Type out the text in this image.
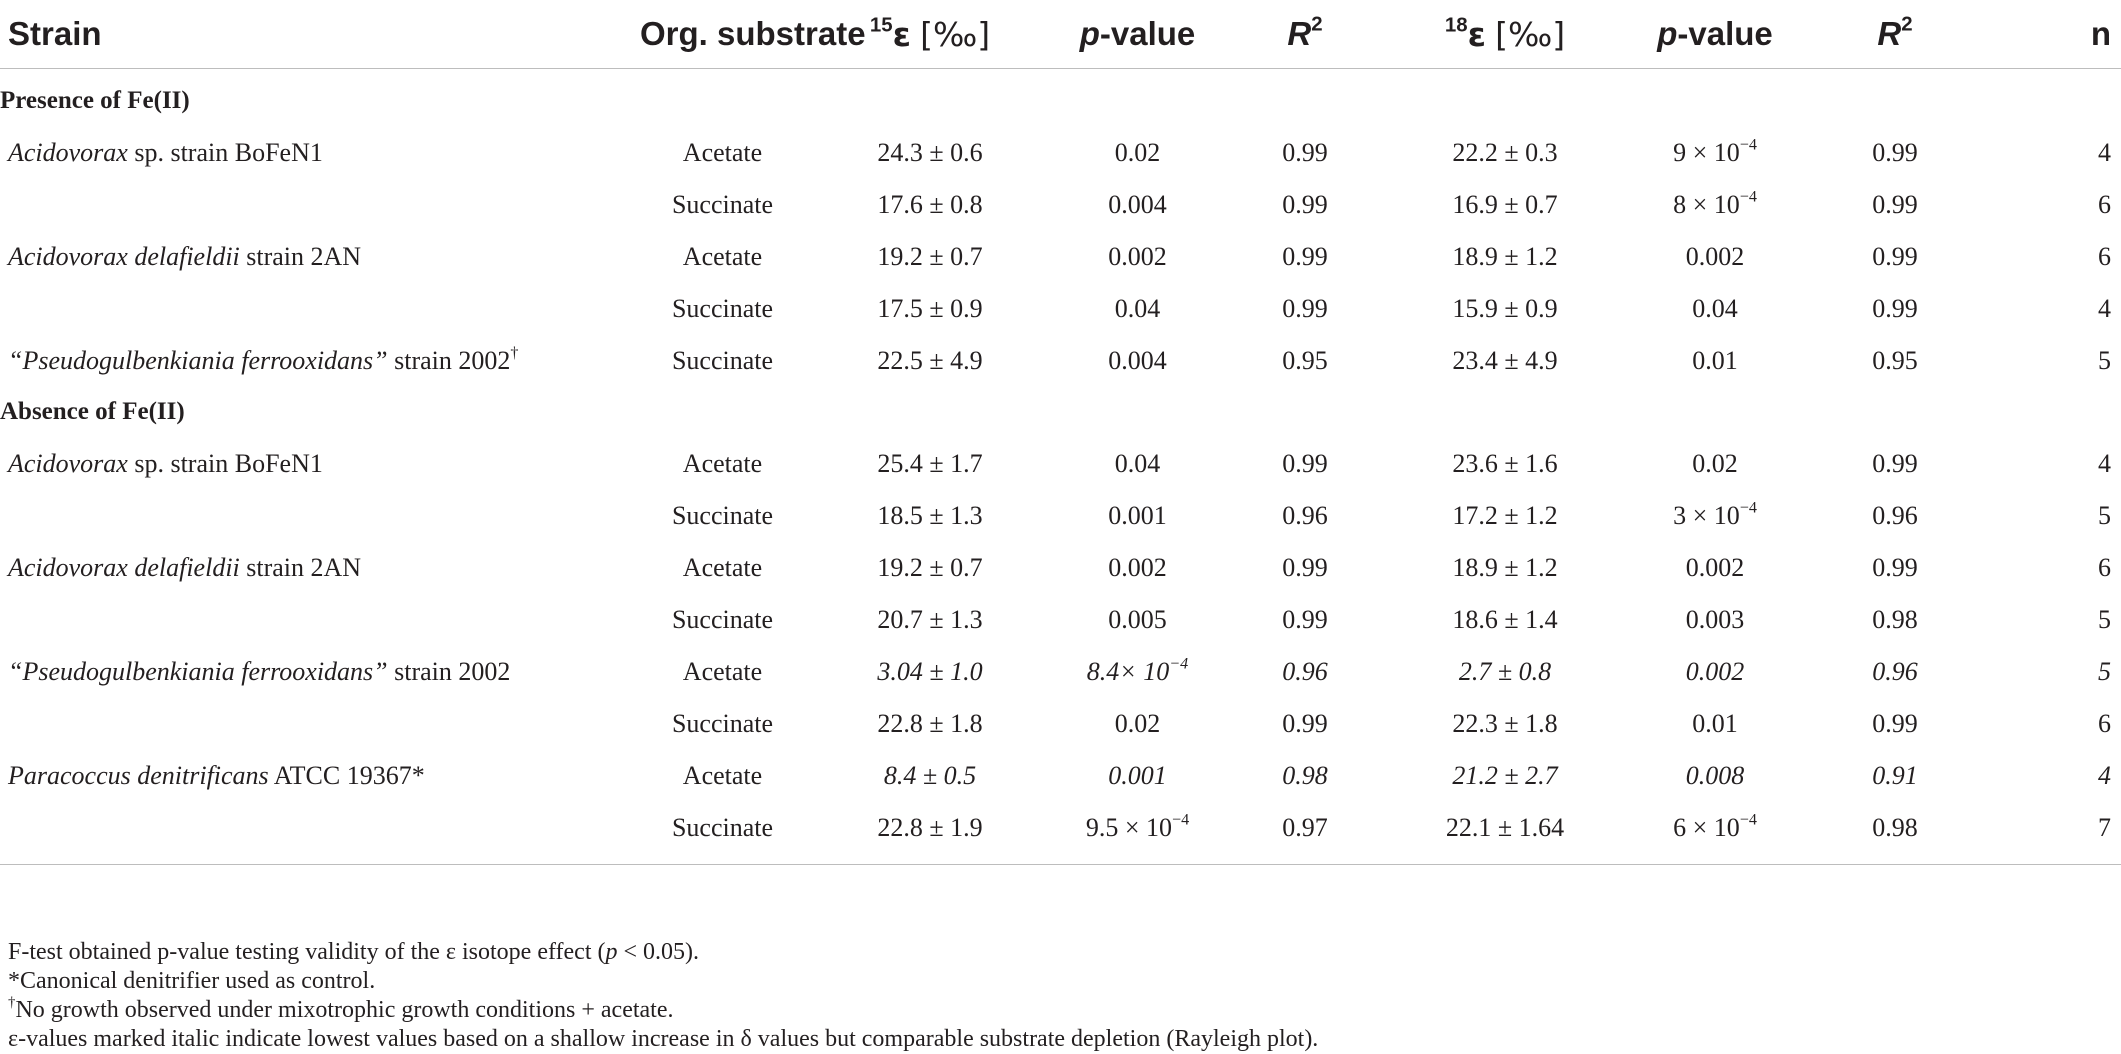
Strain	Org. substrate	$^{15}$ε [‰]	p-value	$R^2$	$^{18}$ε [‰]	p-value	$R^2$	n
Presence of Fe(II)								
Acidovorax sp. strain BoFeN1	Acetate	24.3 ± 0.6	0.02	0.99	22.2 ± 0.3	$9 \times 10^{-4}$	0.99	4
	Succinate	17.6 ± 0.8	0.004	0.99	16.9 ± 0.7	$8 \times 10^{-4}$	0.99	6
Acidovorax delafieldii strain 2AN	Acetate	19.2 ± 0.7	0.002	0.99	18.9 ± 1.2	0.002	0.99	6
	Succinate	17.5 ± 0.9	0.04	0.99	15.9 ± 0.9	0.04	0.99	4
“Pseudogulbenkiania ferrooxidans” strain 2002†	Succinate	22.5 ± 4.9	0.004	0.95	23.4 ± 4.9	0.01	0.95	5
Absence of Fe(II)								
Acidovorax sp. strain BoFeN1	Acetate	25.4 ± 1.7	0.04	0.99	23.6 ± 1.6	0.02	0.99	4
	Succinate	18.5 ± 1.3	0.001	0.96	17.2 ± 1.2	$3 \times 10^{-4}$	0.96	5
Acidovorax delafieldii strain 2AN	Acetate	19.2 ± 0.7	0.002	0.99	18.9 ± 1.2	0.002	0.99	6
	Succinate	20.7 ± 1.3	0.005	0.99	18.6 ± 1.4	0.003	0.98	5
“Pseudogulbenkiania ferrooxidans” strain 2002	Acetate	3.04 ± 1.0	$8.4\times 10^{-4}$	0.96	2.7 ± 0.8	0.002	0.96	5
	Succinate	22.8 ± 1.8	0.02	0.99	22.3 ± 1.8	0.01	0.99	6
Paracoccus denitrificans ATCC 19367*	Acetate	8.4 ± 0.5	0.001	0.98	21.2 ± 2.7	0.008	0.91	4
	Succinate	22.8 ± 1.9	$9.5 \times 10^{-4}$	0.97	22.1 ± 1.64	$6 \times 10^{-4}$	0.98	7

F-test obtained p-value testing validity of the ε isotope effect (p < 0.05).
*Canonical denitrifier used as control.
†No growth observed under mixotrophic growth conditions + acetate.
ε-values marked italic indicate lowest values based on a shallow increase in δ values but comparable substrate depletion (Rayleigh plot).
